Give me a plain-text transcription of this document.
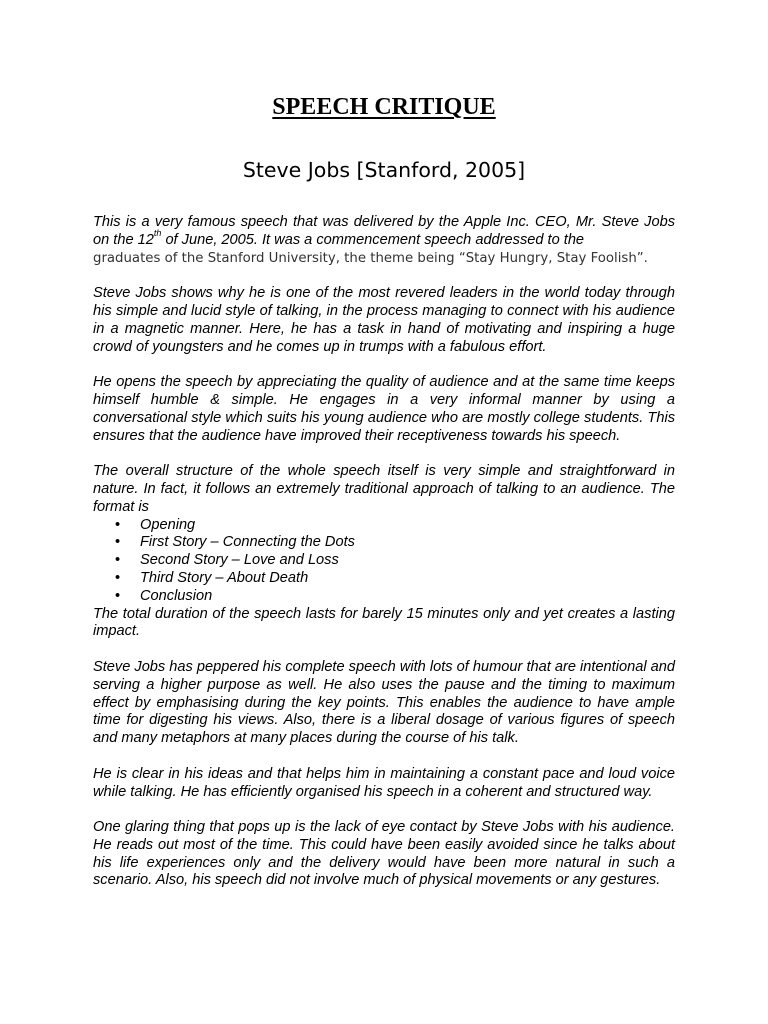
SPEECH CRITIQUE
Steve Jobs [Stanford, 2005]

This is a very famous speech that was delivered by the Apple Inc. CEO, Mr. Steve Jobs on the 12th of June, 2005. It was a commencement speech addressed to the
graduates of the Stanford University, the theme being “Stay Hungry, Stay Foolish”.

Steve Jobs shows why he is one of the most revered leaders in the world today through his simple and lucid style of talking, in the process managing to connect with his audience in a magnetic manner. Here, he has a task in hand of motivating and inspiring a huge crowd of youngsters and he comes up in trumps with a fabulous effort.

He opens the speech by appreciating the quality of audience and at the same time keeps himself humble & simple. He engages in a very informal manner by using a conversational style which suits his young audience who are mostly college students. This ensures that the audience have improved their receptiveness towards his speech.

The overall structure of the whole speech itself is very simple and straightforward in nature. In fact, it follows an extremely traditional approach of talking to an audience. The format is

• Opening
• First Story – Connecting the Dots
• Second Story – Love and Loss
• Third Story – About Death
• Conclusion

The total duration of the speech lasts for barely 15 minutes only and yet creates a lasting impact.

Steve Jobs has peppered his complete speech with lots of humour that are intentional and serving a higher purpose as well. He also uses the pause and the timing to maximum effect by emphasising during the key points. This enables the audience to have ample time for digesting his views. Also, there is a liberal dosage of various figures of speech and many metaphors at many places during the course of his talk.

He is clear in his ideas and that helps him in maintaining a constant pace and loud voice while talking. He has efficiently organised his speech in a coherent and structured way.

One glaring thing that pops up is the lack of eye contact by Steve Jobs with his audience. He reads out most of the time. This could have been easily avoided since he talks about his life experiences only and the delivery would have been more natural in such a scenario. Also, his speech did not involve much of physical movements or any gestures.
